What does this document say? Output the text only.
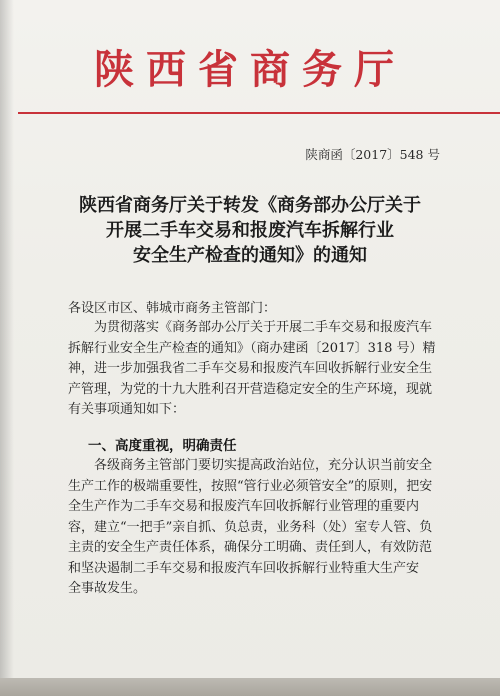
陕西省商务厅
陕商函〔2017〕548 号
陕西省商务厅关于转发《商务部办公厅关于
开展二手车交易和报废汽车拆解行业
安全生产检查的通知》的通知
各设区市区、韩城市商务主管部门：
为贯彻落实《商务部办公厅关于开展二手车交易和报废汽车
拆解行业安全生产检查的通知》（商办建函〔2017〕318 号）精
神，进一步加强我省二手车交易和报废汽车回收拆解行业安全生
产管理，为党的十九大胜利召开营造稳定安全的生产环境，现就
有关事项通知如下：
一、高度重视，明确责任
各级商务主管部门要切实提高政治站位，充分认识当前安全
生产工作的极端重要性，按照“管行业必须管安全”的原则，把安
全生产作为二手车交易和报废汽车回收拆解行业管理的重要内
容，建立“一把手”亲自抓、负总责，业务科（处）室专人管、负
主责的安全生产责任体系，确保分工明确、责任到人，有效防范
和坚决遏制二手车交易和报废汽车回收拆解行业特重大生产安
全事故发生。
